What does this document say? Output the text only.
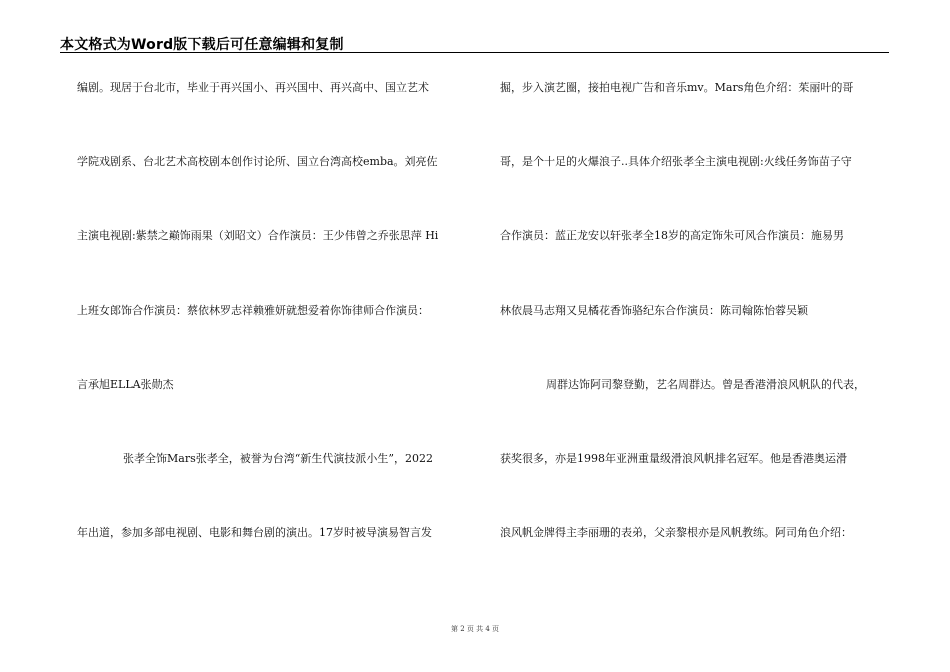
本文格式为Word版下载后可任意编辑和复制
编剧。现居于台北市，毕业于再兴国小、再兴国中、再兴高中、国立艺术
学院戏剧系、台北艺术高校剧本创作讨论所、国立台湾高校emba。刘亮佐
主演电视剧:紫禁之巅饰雨果（刘昭文）合作演员：王少伟曾之乔张思萍 Hi
上班女郎饰合作演员：蔡依林罗志祥赖雅妍就想爱着你饰律师合作演员：
言承旭ELLA张勋杰
张孝全饰Mars张孝全，被誉为台湾“新生代演技派小生”，2022
年出道，参加多部电视剧、电影和舞台剧的演出。17岁时被导演易智言发
掘，步入演艺圈，接拍电视广告和音乐mv。Mars角色介绍：茱丽叶的哥
哥，是个十足的火爆浪子..具体介绍张孝全主演电视剧:火线任务饰苗子守
合作演员：蓝正龙安以轩张孝全18岁的高定饰朱可风合作演员：施易男
林依晨马志翔又見橘花香饰骆纪东合作演员：陈司翰陈怡蓉吴颖
周群达饰阿司黎登勤，艺名周群达。曾是香港滑浪风帆队的代表，
获奖很多，亦是1998年亚洲重量级滑浪风帆排名冠军。他是香港奥运滑
浪风帆金牌得主李丽珊的表弟，父亲黎根亦是风帆教练。阿司角色介绍：
第 2 页 共 4 页
